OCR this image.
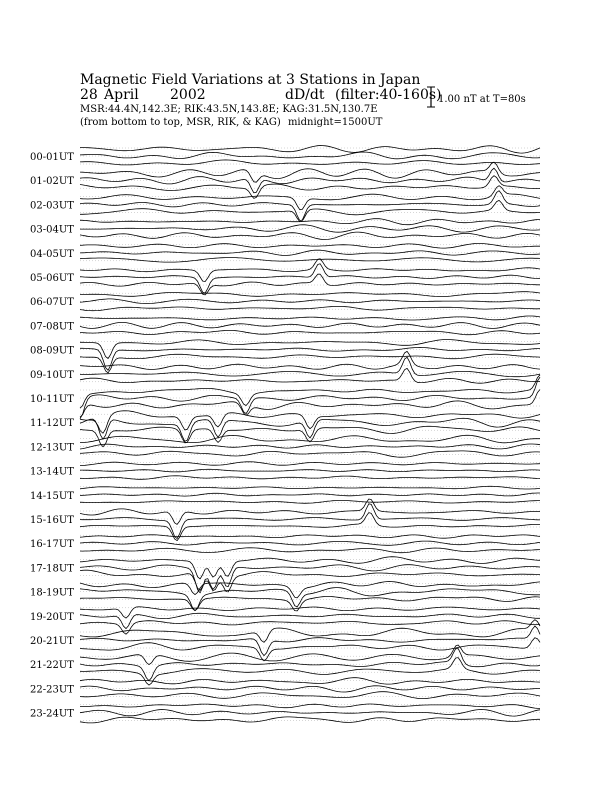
Magnetic Field Variations at 3 Stations in Japan
28 April 2002	dD/dt (filter:40-160s)
MSR:44.4N,142.3E; RIK:43.5N,143.8E; KAG:31.5N,130.7E
(from bottom to top, MSR, RIK, & KAG) midnight=1500UT
1.00 nT at T=80s
00-01UT
01-02UT
02-03UT
03-04UT
04-05UT
05-06UT
06-07UT
07-08UT
08-09UT
09-10UT
10-11UT
11-12UT
12-13UT
13-14UT
14-15UT
15-16UT
16-17UT
17-18UT
18-19UT
19-20UT
20-21UT
21-22UT
22-23UT
23-24UT
